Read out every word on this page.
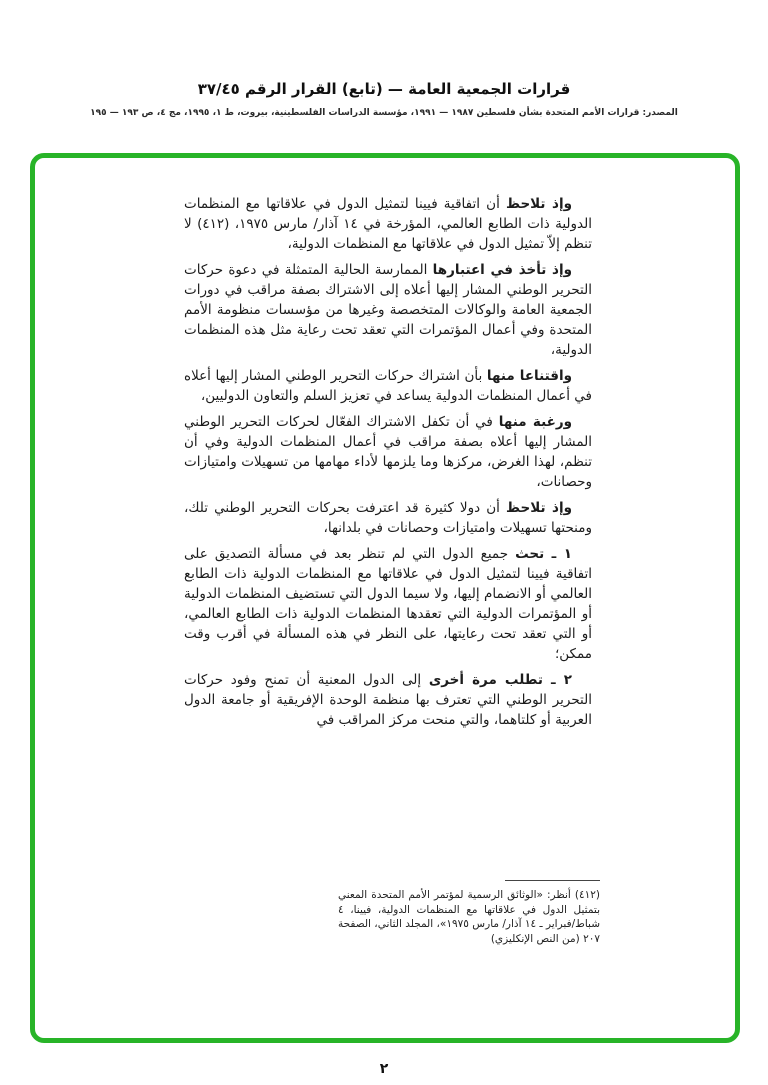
قرارات الجمعية العامة — (تابع) القرار الرقم ٣٧/٤٥
المصدر: قرارات الأمم المتحدة بشأن فلسطين ١٩٨٧ — ١٩٩١، مؤسسة الدراسات الفلسطينية، بيروت، ط ١، ١٩٩٥، مج ٤، ص ١٩٣ — ١٩٥

وإذ تلاحظ أن اتفاقية فيينا لتمثيل الدول في علاقاتها مع المنظمات الدولية ذات الطابع العالمي، المؤرخة في ١٤ آذار/ مارس ١٩٧٥، (٤١٢) لا تنظم إلاّ تمثيل الدول في علاقاتها مع المنظمات الدولية،

وإذ تأخذ في اعتبارها الممارسة الحالية المتمثلة في دعوة حركات التحرير الوطني المشار إليها أعلاه إلى الاشتراك بصفة مراقب في دورات الجمعية العامة والوكالات المتخصصة وغيرها من مؤسسات منظومة الأمم المتحدة وفي أعمال المؤتمرات التي تعقد تحت رعاية مثل هذه المنظمات الدولية،

واقتناعا منها بأن اشتراك حركات التحرير الوطني المشار إليها أعلاه في أعمال المنظمات الدولية يساعد في تعزيز السلم والتعاون الدوليين،

ورغبة منها في أن تكفل الاشتراك الفعّال لحركات التحرير الوطني المشار إليها أعلاه بصفة مراقب في أعمال المنظمات الدولية وفي أن تنظم، لهذا الغرض، مركزها وما يلزمها لأداء مهامها من تسهيلات وامتيازات وحصانات،

وإذ تلاحظ أن دولا كثيرة قد اعترفت بحركات التحرير الوطني تلك، ومنحتها تسهيلات وامتيازات وحصانات في بلدانها،

١ ـ تحث جميع الدول التي لم تنظر بعد في مسألة التصديق على اتفاقية فيينا لتمثيل الدول في علاقاتها مع المنظمات الدولية ذات الطابع العالمي أو الانضمام إليها، ولا سيما الدول التي تستضيف المنظمات الدولية أو المؤتمرات الدولية التي تعقدها المنظمات الدولية ذات الطابع العالمي، أو التي تعقد تحت رعايتها، على النظر في هذه المسألة في أقرب وقت ممكن؛

٢ ـ تطلب مرة أخرى إلى الدول المعنية أن تمنح وفود حركات التحرير الوطني التي تعترف بها منظمة الوحدة الإفريقية أو جامعة الدول العربية أو كلتاهما، والتي منحت مركز المراقب في

(٤١٢) أنظر: «الوثائق الرسمية لمؤتمر الأمم المتحدة المعني بتمثيل الدول في علاقاتها مع المنظمات الدولية، فيينا، ٤ شباط/فبراير ـ ١٤ آذار/ مارس ١٩٧٥»، المجلد الثاني، الصفحة ٢٠٧ (من النص الإنكليزي)

٢
